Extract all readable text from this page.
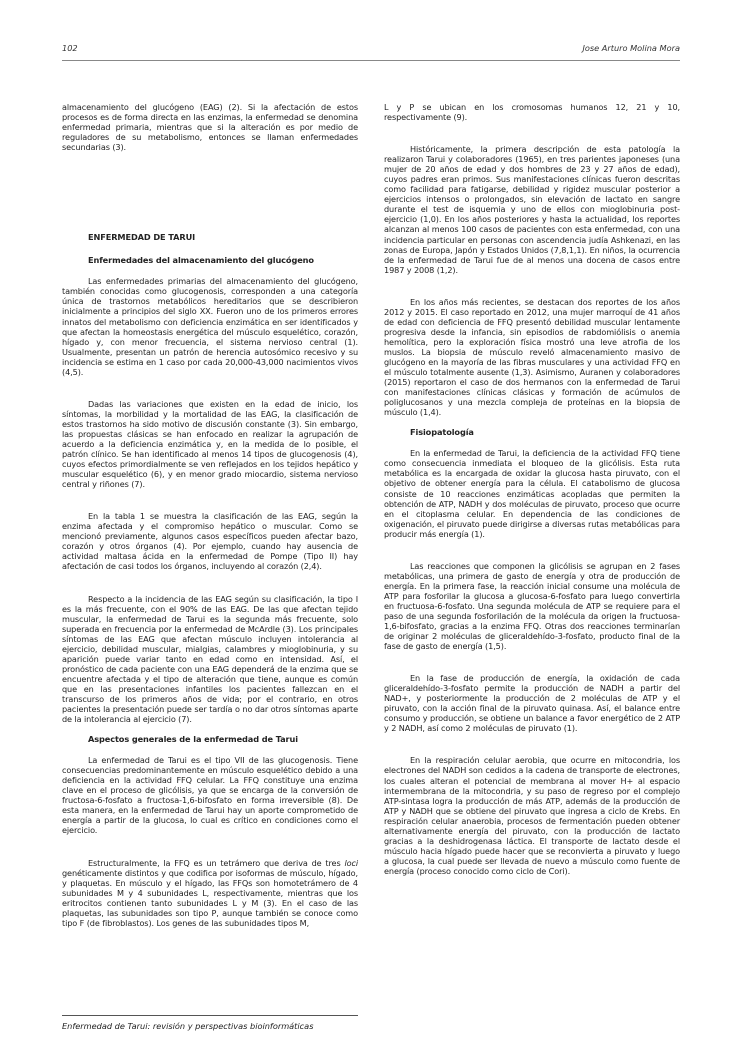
102	Jose Arturo Molina Mora

almacenamiento del glucógeno (EAG) (2). Si la afectación de estos procesos es de forma directa en las enzimas, la enfermedad se denomina enfermedad primaria, mientras que si la alteración es por medio de reguladores de su metabolismo, entonces se llaman enfermedades secundarias (3).

ENFERMEDAD DE TARUI
Enfermedades del almacenamiento del glucógeno

Las enfermedades primarias del almacenamiento del glucógeno, también conocidas como glucogenosis, corresponden a una categoría única de trastornos metabólicos hereditarios que se describieron inicialmente a principios del siglo XX. Fueron uno de los primeros errores innatos del metabolismo con deficiencia enzimática en ser identificados y que afectan la homeostasis energética del músculo esquelético, corazón, hígado y, con menor frecuencia, el sistema nervioso central (1). Usualmente, presentan un patrón de herencia autosómico recesivo y su incidencia se estima en 1 caso por cada 20,000-43,000 nacimientos vivos (4,5).

Dadas las variaciones que existen en la edad de inicio, los síntomas, la morbilidad y la mortalidad de las EAG, la clasificación de estos trastornos ha sido motivo de discusión constante (3). Sin embargo, las propuestas clásicas se han enfocado en realizar la agrupación de acuerdo a la deficiencia enzimática y, en la medida de lo posible, el patrón clínico. Se han identificado al menos 14 tipos de glucogenosis (4), cuyos efectos primordialmente se ven reflejados en los tejidos hepático y muscular esquelético (6), y en menor grado miocardio, sistema nervioso central y riñones (7).

En la tabla 1 se muestra la clasificación de las EAG, según la enzima afectada y el compromiso hepático o muscular. Como se mencionó previamente, algunos casos específicos pueden afectar bazo, corazón y otros órganos (4). Por ejemplo, cuando hay ausencia de actividad maltasa ácida en la enfermedad de Pompe (Tipo II) hay afectación de casi todos los órganos, incluyendo al corazón (2,4).

Respecto a la incidencia de las EAG según su clasificación, la tipo I es la más frecuente, con el 90% de las EAG. De las que afectan tejido muscular, la enfermedad de Tarui es la segunda más frecuente, solo superada en frecuencia por la enfermedad de McArdle (3). Los principales síntomas de las EAG que afectan músculo incluyen intolerancia al ejercicio, debilidad muscular, mialgias, calambres y mioglobinuria, y su aparición puede variar tanto en edad como en intensidad. Así, el pronóstico de cada paciente con una EAG dependerá de la enzima que se encuentre afectada y el tipo de alteración que tiene, aunque es común que en las presentaciones infantiles los pacientes fallezcan en el transcurso de los primeros años de vida; por el contrario, en otros pacientes la presentación puede ser tardía o no dar otros síntomas aparte de la intolerancia al ejercicio (7).

Aspectos generales de la enfermedad de Tarui

La enfermedad de Tarui es el tipo VII de las glucogenosis. Tiene consecuencias predominantemente en músculo esquelético debido a una deficiencia en la actividad FFQ celular. La FFQ constituye una enzima clave en el proceso de glicólisis, ya que se encarga de la conversión de fructosa-6-fosfato a fructosa-1,6-bifosfato en forma irreversible (8). De esta manera, en la enfermedad de Tarui hay un aporte comprometido de energía a partir de la glucosa, lo cual es crítico en condiciones como el ejercicio.

Estructuralmente, la FFQ es un tetrámero que deriva de tres loci genéticamente distintos y que codifica por isoformas de músculo, hígado, y plaquetas. En músculo y el hígado, las FFQs son homotetrámero de 4 subunidades M y 4 subunidades L, respectivamente, mientras que los eritrocitos contienen tanto subunidades L y M (3). En el caso de las plaquetas, las subunidades son tipo P, aunque también se conoce como tipo F (de fibroblastos). Los genes de las subunidades tipos M,

L y P se ubican en los cromosomas humanos 12, 21 y 10, respectivamente (9).

Históricamente, la primera descripción de esta patología la realizaron Tarui y colaboradores (1965), en tres parientes japoneses (una mujer de 20 años de edad y dos hombres de 23 y 27 años de edad), cuyos padres eran primos. Sus manifestaciones clínicas fueron descritas como facilidad para fatigarse, debilidad y rigidez muscular posterior a ejercicios intensos o prolongados, sin elevación de lactato en sangre durante el test de isquemia y uno de ellos con mioglobinuria post-ejercicio (1,0). En los años posteriores y hasta la actualidad, los reportes alcanzan al menos 100 casos de pacientes con esta enfermedad, con una incidencia particular en personas con ascendencia judía Ashkenazi, en las zonas de Europa, Japón y Estados Unidos (7,8,1,1). En niños, la ocurrencia de la enfermedad de Tarui fue de al menos una docena de casos entre 1987 y 2008 (1,2).

En los años más recientes, se destacan dos reportes de los años 2012 y 2015. El caso reportado en 2012, una mujer marroquí de 41 años de edad con deficiencia de FFQ presentó debilidad muscular lentamente progresiva desde la infancia, sin episodios de rabdomiólisis o anemia hemolítica, pero la exploración física mostró una leve atrofia de los muslos. La biopsia de músculo reveló almacenamiento masivo de glucógeno en la mayoría de las fibras musculares y una actividad FFQ en el músculo totalmente ausente (1,3). Asimismo, Auranen y colaboradores (2015) reportaron el caso de dos hermanos con la enfermedad de Tarui con manifestaciones clínicas clásicas y formación de acúmulos de poliglucosanos y una mezcla compleja de proteínas en la biopsia de músculo (1,4).

Fisiopatología

En la enfermedad de Tarui, la deficiencia de la actividad FFQ tiene como consecuencia inmediata el bloqueo de la glicólisis. Esta ruta metabólica es la encargada de oxidar la glucosa hasta piruvato, con el objetivo de obtener energía para la célula. El catabolismo de glucosa consiste de 10 reacciones enzimáticas acopladas que permiten la obtención de ATP, NADH y dos moléculas de piruvato, proceso que ocurre en el citoplasma celular. En dependencia de las condiciones de oxigenación, el piruvato puede dirigirse a diversas rutas metabólicas para producir más energía (1).

Las reacciones que componen la glicólisis se agrupan en 2 fases metabólicas, una primera de gasto de energía y otra de producción de energía. En la primera fase, la reacción inicial consume una molécula de ATP para fosforilar la glucosa a glucosa-6-fosfato para luego convertirla en fructuosa-6-fosfato. Una segunda molécula de ATP se requiere para el paso de una segunda fosforilación de la molécula da origen la fructuosa-1,6-bifosfato, gracias a la enzima FFQ. Otras dos reacciones terminarían de originar 2 moléculas de gliceraldehído-3-fosfato, producto final de la fase de gasto de energía (1,5).

En la fase de producción de energía, la oxidación de cada gliceraldehído-3-fosfato permite la producción de NADH a partir del NAD+, y posteriormente la producción de 2 moléculas de ATP y el piruvato, con la acción final de la piruvato quinasa. Así, el balance entre consumo y producción, se obtiene un balance a favor energético de 2 ATP y 2 NADH, así como 2 moléculas de piruvato (1).

En la respiración celular aerobia, que ocurre en mitocondria, los electrones del NADH son cedidos a la cadena de transporte de electrones, los cuales alteran el potencial de membrana al mover H+ al espacio intermembrana de la mitocondria, y su paso de regreso por el complejo ATP-sintasa logra la producción de más ATP, además de la producción de ATP y NADH que se obtiene del piruvato que ingresa a ciclo de Krebs. En respiración celular anaerobia, procesos de fermentación pueden obtener alternativamente energía del piruvato, con la producción de lactato gracias a la deshidrogenasa láctica. El transporte de lactato desde el músculo hacia hígado puede hacer que se reconvierta a piruvato y luego a glucosa, la cual puede ser llevada de nuevo a músculo como fuente de energía (proceso conocido como ciclo de Cori).

Enfermedad de Tarui: revisión y perspectivas bioinformáticas
